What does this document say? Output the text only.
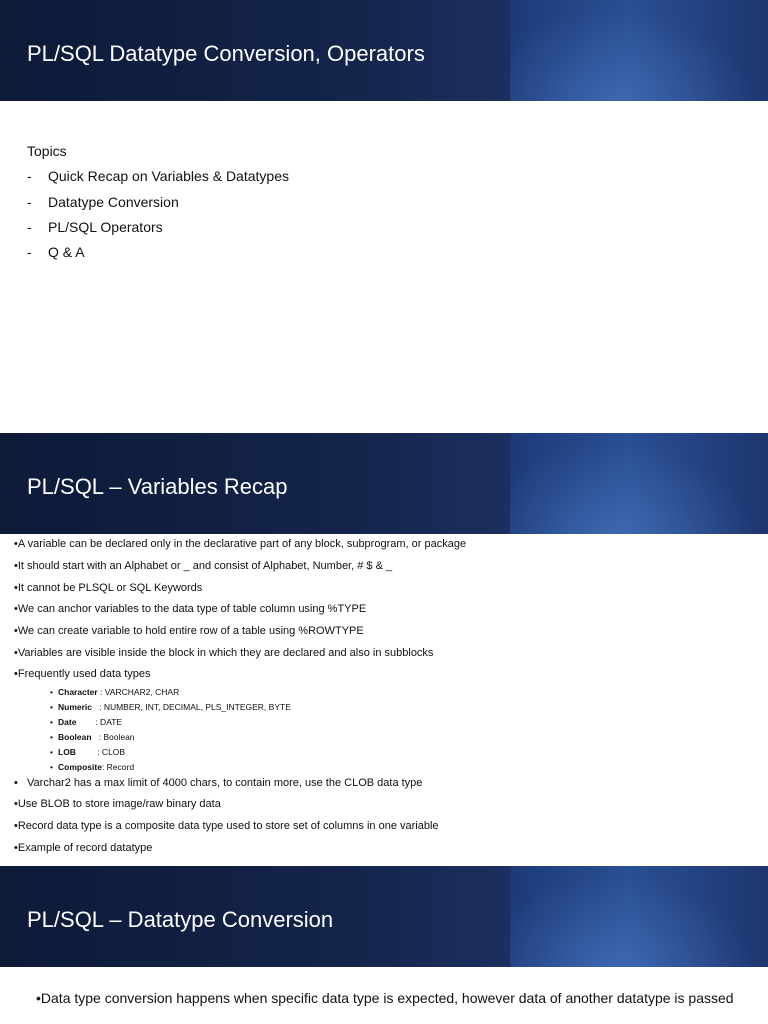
PL/SQL Datatype Conversion, Operators

Topics

- Quick Recap on Variables & Datatypes
- Datatype Conversion
- PL/SQL Operators
- Q & A
PL/SQL – Variables Recap
•A variable can be declared only in the declarative part of any block, subprogram, or package
•It should start with an Alphabet or _ and consist of Alphabet, Number, # $ & _
•It cannot be PLSQL or SQL Keywords
•We can anchor variables to the data type of table column using %TYPE
•We can create variable to hold entire row of a table using %ROWTYPE
•Variables are visible inside the block in which they are declared and also in subblocks
•Frequently used data types
• Character : VARCHAR2, CHAR
• Numeric   : NUMBER, INT, DECIMAL, PLS_INTEGER, BYTE
• Date        : DATE
• Boolean   : Boolean
• LOB         : CLOB
• Composite: Record
•   Varchar2 has a max limit of 4000 chars, to contain more, use the CLOB data type
•Use BLOB to store image/raw binary data
•Record data type is a composite data type used to store set of columns in one variable
•Example of record datatype
PL/SQL – Datatype Conversion
•Data type conversion happens when specific data type is expected, however data of another datatype is passed
